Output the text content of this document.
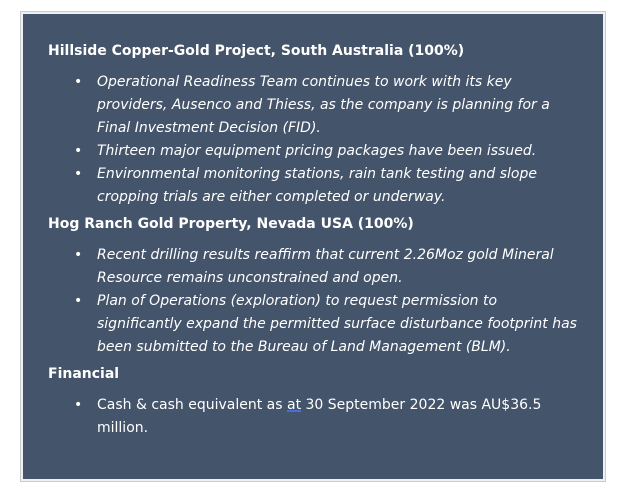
Hillside Copper-Gold Project, South Australia (100%)
• Operational Readiness Team continues to work with its key providers, Ausenco and Thiess, as the company is planning for a Final Investment Decision (FID).
• Thirteen major equipment pricing packages have been issued.
• Environmental monitoring stations, rain tank testing and slope cropping trials are either completed or underway.
Hog Ranch Gold Property, Nevada USA (100%)
• Recent drilling results reaffirm that current 2.26Moz gold Mineral Resource remains unconstrained and open.
• Plan of Operations (exploration) to request permission to significantly expand the permitted surface disturbance footprint has been submitted to the Bureau of Land Management (BLM).
Financial
• Cash & cash equivalent as at 30 September 2022 was AU$36.5 million.
